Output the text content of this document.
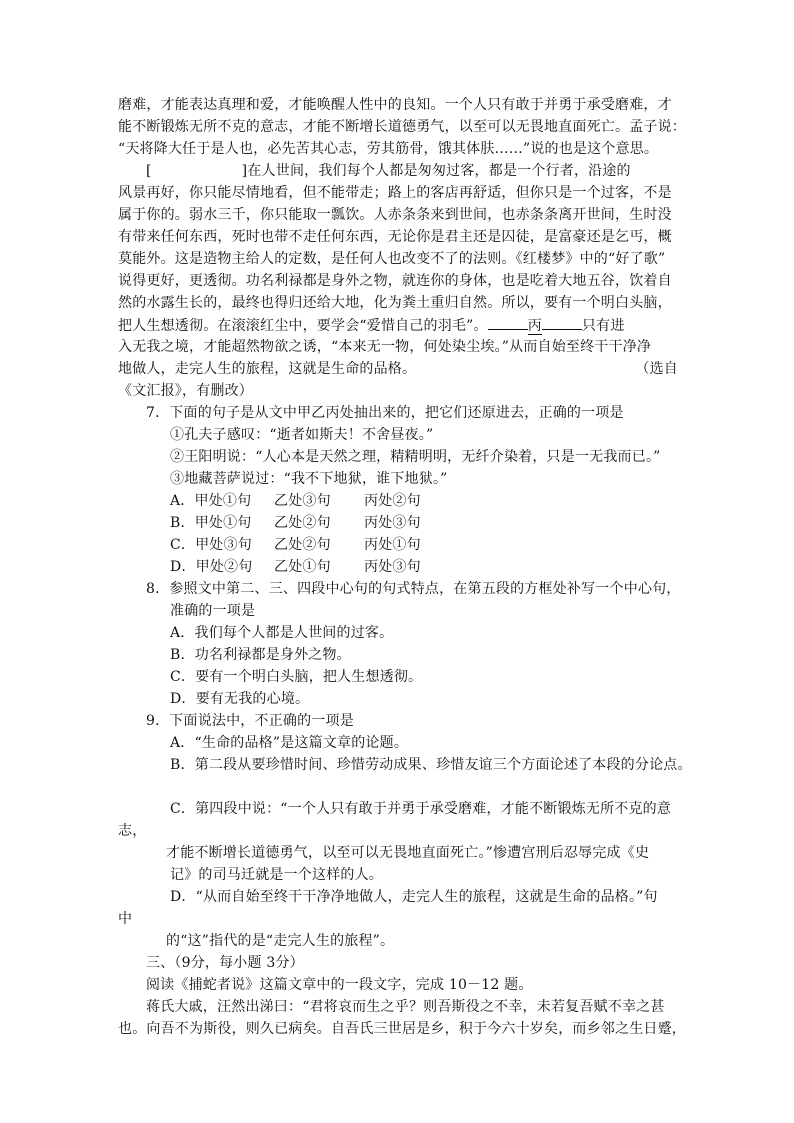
磨难，才能表达真理和爱，才能唤醒人性中的良知。一个人只有敢于并勇于承受磨难，才
能不断锻炼无所不克的意志，才能不断增长道德勇气，以至可以无畏地直面死亡。孟子说：
“天将降大任于是人也，必先苦其心志，劳其筋骨，饿其体肤……”说的也是这个意思。
[	]在人世间，我们每个人都是匆匆过客，都是一个行者，沿途的
风景再好，你只能尽情地看，但不能带走；路上的客店再舒适，但你只是一个过客，不是
属于你的。弱水三千，你只能取一瓢饮。人赤条条来到世间，也赤条条离开世间，生时没
有带来任何东西，死时也带不走任何东西，无论你是君主还是囚徒，是富豪还是乞丐，概
莫能外。这是造物主给人的定数，是任何人也改变不了的法则。《红楼梦》中的“好了歌”
说得更好，更透彻。功名利禄都是身外之物，就连你的身体，也是吃着大地五谷，饮着自
然的水露生长的，最终也得归还给大地，化为粪土重归自然。所以，要有一个明白头脑，
把人生想透彻。在滚滚红尘中，要学会“爱惜自己的羽毛”。	丙	只有进
入无我之境，才能超然物欲之诱，“本来无一物，何处染尘埃。”从而自始至终干干净净
地做人，走完人生的旅程，这就是生命的品格。	（选自
《文汇报》，有删改）
7．下面的句子是从文中甲乙丙处抽出来的，把它们还原进去，正确的一项是
①孔夫子感叹：“逝者如斯夫！不舍昼夜。”
②王阳明说：“人心本是天然之理，精精明明，无纤介染着，只是一无我而已。”
③地藏菩萨说过：“我不下地狱，谁下地狱。”
A．甲处①句 乙处③句 丙处②句
B．甲处①句 乙处②句 丙处③句
C．甲处③句 乙处②句 丙处①句
D．甲处②句 乙处①句 丙处③句
8．参照文中第二、三、四段中心句的句式特点，在第五段的方框处补写一个中心句，
准确的一项是
A．我们每个人都是人世间的过客。
B．功名利禄都是身外之物。
C．要有一个明白头脑，把人生想透彻。
D．要有无我的心境。
9．下面说法中，不正确的一项是
A．“生命的品格”是这篇文章的论题。
B．第二段从要珍惜时间、珍惜劳动成果、珍惜友谊三个方面论述了本段的分论点。
C．第四段中说：“一个人只有敢于并勇于承受磨难，才能不断锻炼无所不克的意
志，
才能不断增长道德勇气，以至可以无畏地直面死亡。”惨遭宫刑后忍辱完成《史
记》的司马迁就是一个这样的人。
D．“从而自始至终干干净净地做人，走完人生的旅程，这就是生命的品格。”句
中
的“这”指代的是“走完人生的旅程”。
三、（9分，每小题 3分）
阅读《捕蛇者说》这篇文章中的一段文字，完成 10－12 题。
蒋氏大戚，汪然出涕曰：“君将哀而生之乎？则吾斯役之不幸，未若复吾赋不幸之甚
也。向吾不为斯役，则久已病矣。自吾氏三世居是乡，积于今六十岁矣，而乡邻之生日蹙，
